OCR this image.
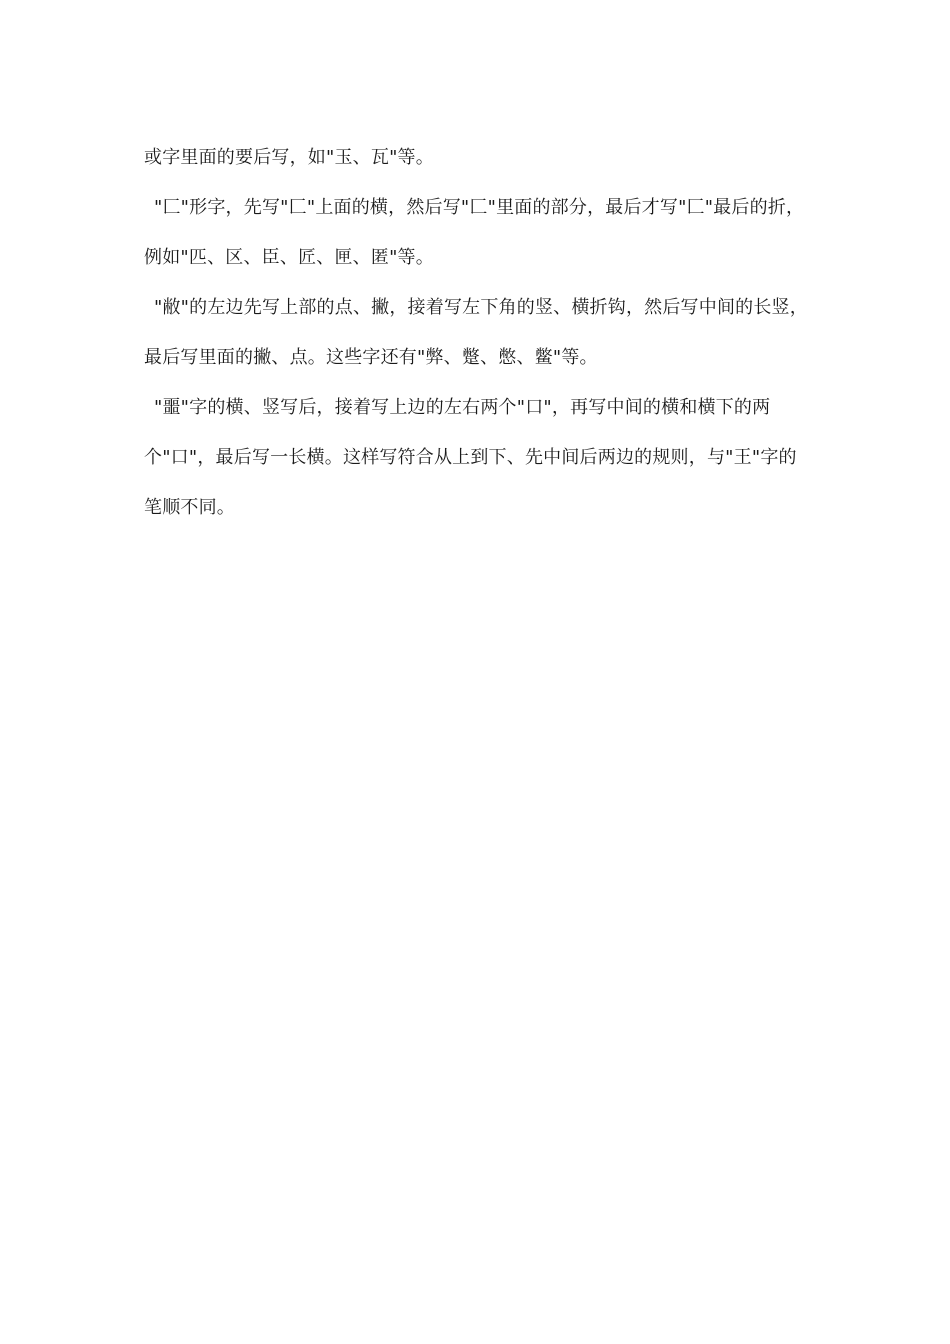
或字里面的要后写，如"玉、瓦"等。

"匚"形字，先写"匚"上面的横，然后写"匚"里面的部分，最后才写"匚"最后的折，例如"匹、区、臣、匠、匣、匿"等。

"敝"的左边先写上部的点、撇，接着写左下角的竖、横折钩，然后写中间的长竖，最后写里面的撇、点。这些字还有"弊、蹩、憋、鳖"等。

"噩"字的横、竖写后，接着写上边的左右两个"口"，再写中间的横和横下的两个"口"，最后写一长横。这样写符合从上到下、先中间后两边的规则，与"王"字的笔顺不同。
